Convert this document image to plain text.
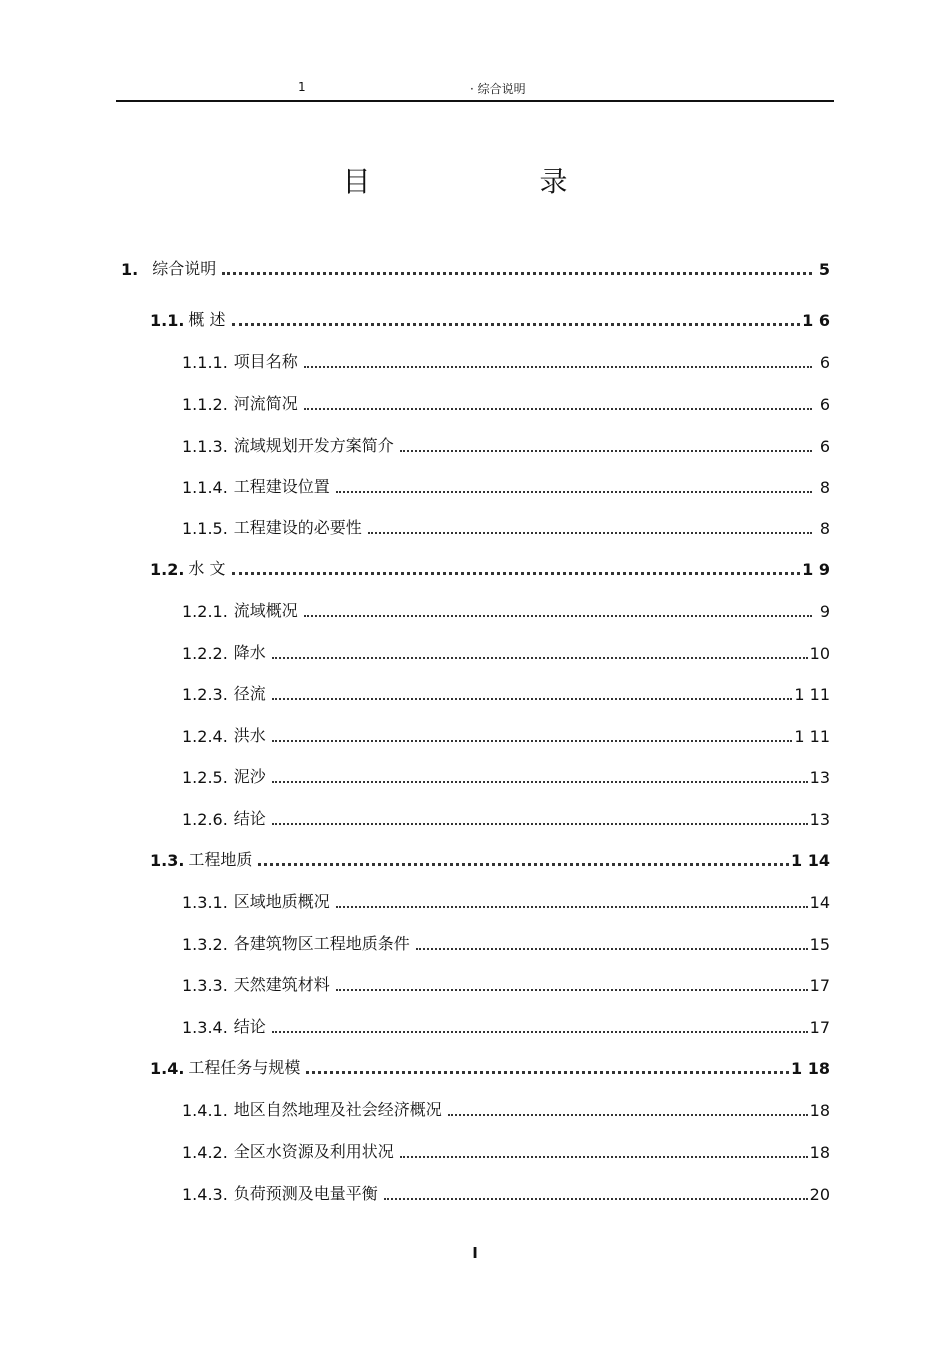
1	· 综合说明
目 录
1. 综合说明	5
1.1. 概 述	1 6
1.1.1. 项目名称	6
1.1.2. 河流简况	6
1.1.3. 流域规划开发方案简介	6
1.1.4. 工程建设位置	8
1.1.5. 工程建设的必要性	8
1.2. 水 文	1 9
1.2.1. 流域概况	9
1.2.2. 降水	10
1.2.3. 径流	1 11
1.2.4. 洪水	1 11
1.2.5. 泥沙	13
1.2.6. 结论	13
1.3. 工程地质	1 14
1.3.1. 区域地质概况	14
1.3.2. 各建筑物区工程地质条件	15
1.3.3. 天然建筑材料	17
1.3.4. 结论	17
1.4. 工程任务与规模	1 18
1.4.1. 地区自然地理及社会经济概况	18
1.4.2. 全区水资源及利用状况	18
1.4.3. 负荷预测及电量平衡	20
I
